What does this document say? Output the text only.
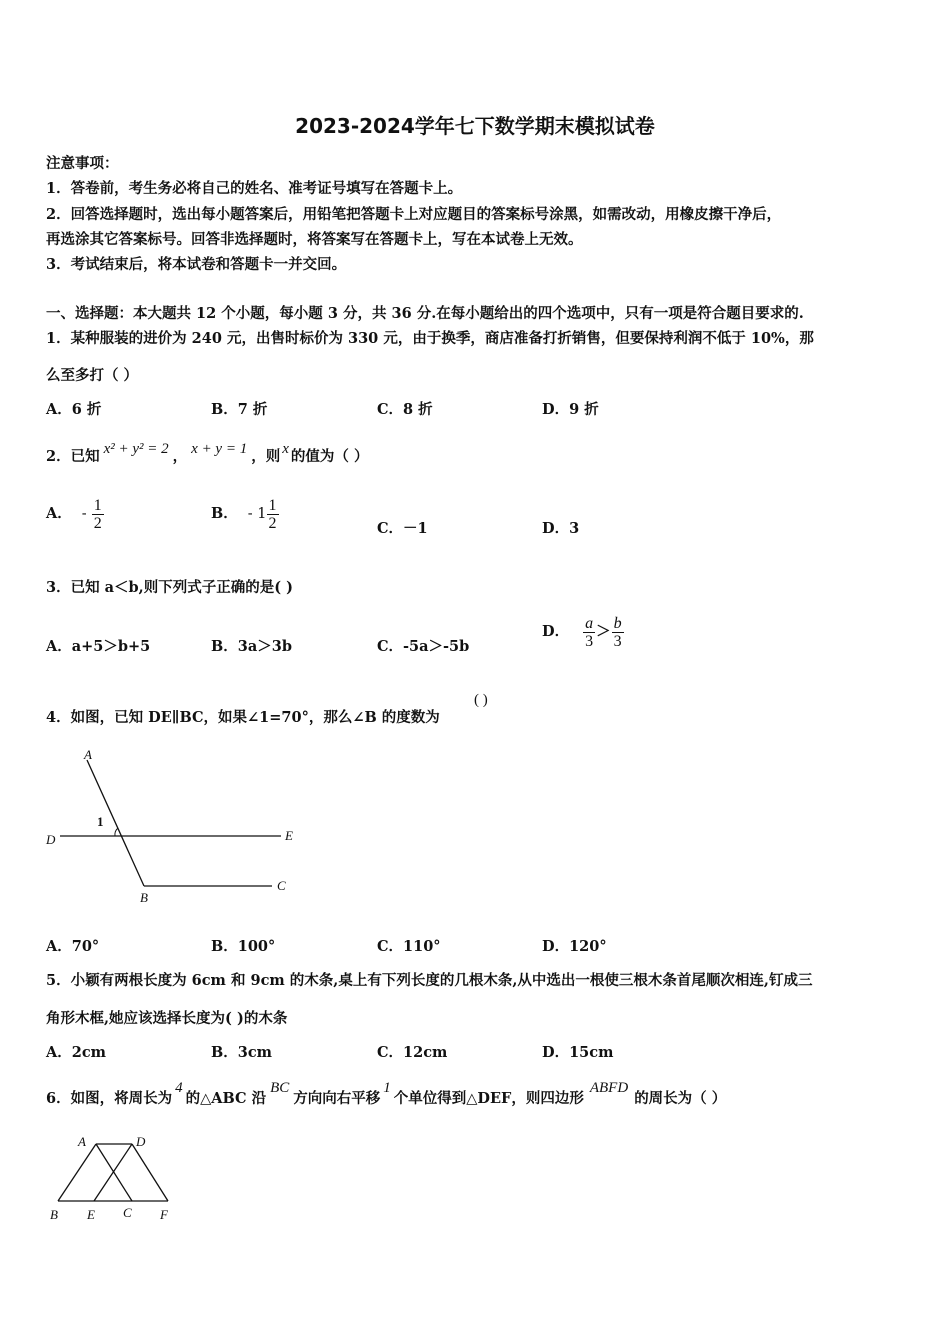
2023-2024学年七下数学期末模拟试卷
注意事项：
1．答卷前，考生务必将自己的姓名、准考证号填写在答题卡上。
2．回答选择题时，选出每小题答案后，用铅笔把答题卡上对应题目的答案标号涂黑，如需改动，用橡皮擦干净后，
再选涂其它答案标号。回答非选择题时，将答案写在答题卡上，写在本试卷上无效。
3．考试结束后，将本试卷和答题卡一并交回。
一、选择题：本大题共 12 个小题，每小题 3 分，共 36 分.在每小题给出的四个选项中，只有一项是符合题目要求的.
1．某种服装的进价为 240 元，出售时标价为 330 元，由于换季，商店准备打折销售，但要保持利润不低于 10%，那
么至多打（ ）
A．6 折	B．7 折	C．8 折	D．9 折
2．已知 x² + y² = 2 ， x + y = 1 ，则 x 的值为（ ）
A． - $\frac{1}{2}$	B． - $1 \frac{1}{2}$	C．－1	D．3
3．已知 a＜b,则下列式子正确的是( )
A．a+5＞b+5	B．3a＞3b	C．-5a＞-5b
D． $\frac{a}{3} > \frac{b}{3}$
4．如图，已知 DE∥BC，如果∠1=70°，那么∠B 的度数为
( )
A
D	E
B
C
1
A．70°	B．100°	C．110°	D．120°
5．小颖有两根长度为 6cm 和 9cm 的木条,桌上有下列长度的几根木条,从中选出一根使三根木条首尾顺次相连,钉成三
角形木框,她应该选择长度为( )的木条
A．2cm	B．3cm	C．12cm	D．15cm
6．如图，将周长为4的△ABC 沿BC方向向右平移1个单位得到△DEF，则四边形ABFD的周长为（ ）
A	D
B E C F
